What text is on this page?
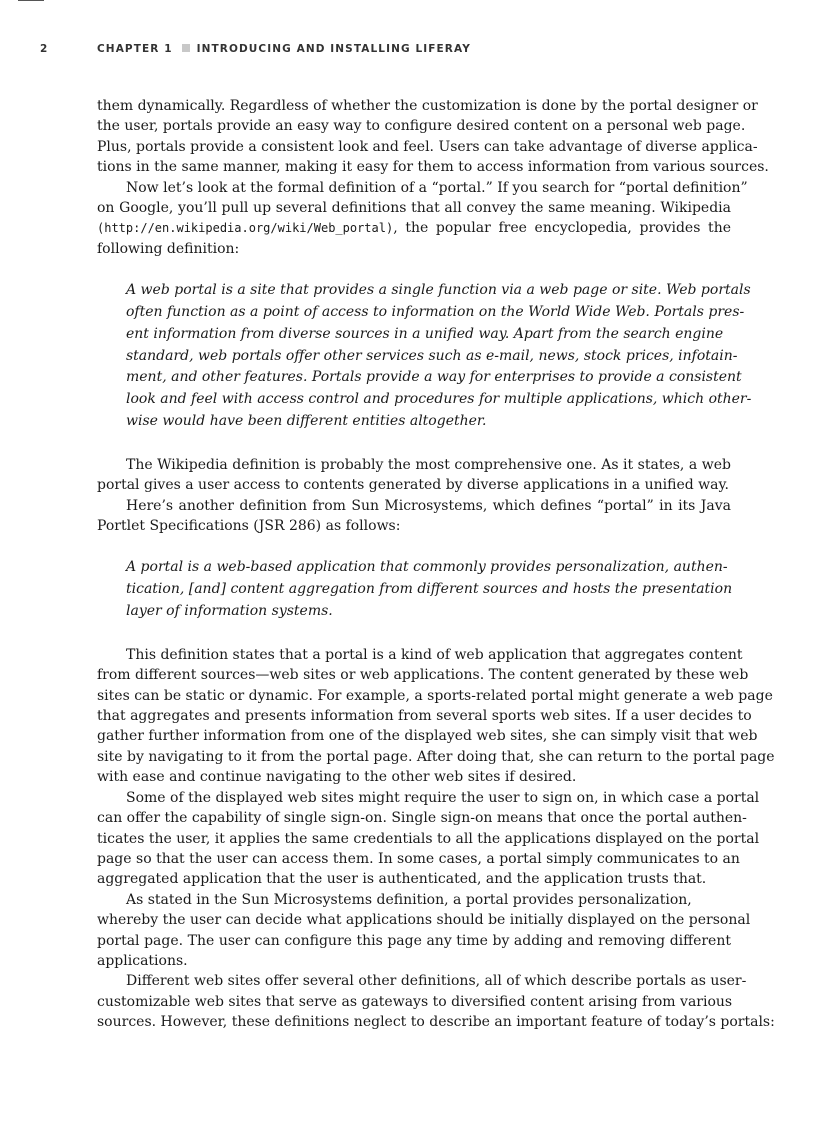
2	CHAPTER 1 INTRODUCING AND INSTALLING LIFERAY

them dynamically. Regardless of whether the customization is done by the portal designer or
the user, portals provide an easy way to configure desired content on a personal web page.
Plus, portals provide a consistent look and feel. Users can take advantage of diverse applica-
tions in the same manner, making it easy for them to access information from various sources.

Now let’s look at the formal definition of a “portal.” If you search for “portal definition”
on Google, you’ll pull up several definitions that all convey the same meaning. Wikipedia
(http://en.wikipedia.org/wiki/Web_portal), the popular free encyclopedia, provides the
following definition:

A web portal is a site that provides a single function via a web page or site. Web portals
often function as a point of access to information on the World Wide Web. Portals pres-
ent information from diverse sources in a unified way. Apart from the search engine
standard, web portals offer other services such as e-mail, news, stock prices, infotain-
ment, and other features. Portals provide a way for enterprises to provide a consistent
look and feel with access control and procedures for multiple applications, which other-
wise would have been different entities altogether.

The Wikipedia definition is probably the most comprehensive one. As it states, a web
portal gives a user access to contents generated by diverse applications in a unified way.

Here’s another definition from Sun Microsystems, which defines “portal” in its Java
Portlet Specifications (JSR 286) as follows:

A portal is a web-based application that commonly provides personalization, authen-
tication, [and] content aggregation from different sources and hosts the presentation
layer of information systems.

This definition states that a portal is a kind of web application that aggregates content
from different sources—web sites or web applications. The content generated by these web
sites can be static or dynamic. For example, a sports-related portal might generate a web page
that aggregates and presents information from several sports web sites. If a user decides to
gather further information from one of the displayed web sites, she can simply visit that web
site by navigating to it from the portal page. After doing that, she can return to the portal page
with ease and continue navigating to the other web sites if desired.

Some of the displayed web sites might require the user to sign on, in which case a portal
can offer the capability of single sign-on. Single sign-on means that once the portal authen-
ticates the user, it applies the same credentials to all the applications displayed on the portal
page so that the user can access them. In some cases, a portal simply communicates to an
aggregated application that the user is authenticated, and the application trusts that.

As stated in the Sun Microsystems definition, a portal provides personalization,
whereby the user can decide what applications should be initially displayed on the personal
portal page. The user can configure this page any time by adding and removing different
applications.

Different web sites offer several other definitions, all of which describe portals as user-
customizable web sites that serve as gateways to diversified content arising from various
sources. However, these definitions neglect to describe an important feature of today’s portals:
